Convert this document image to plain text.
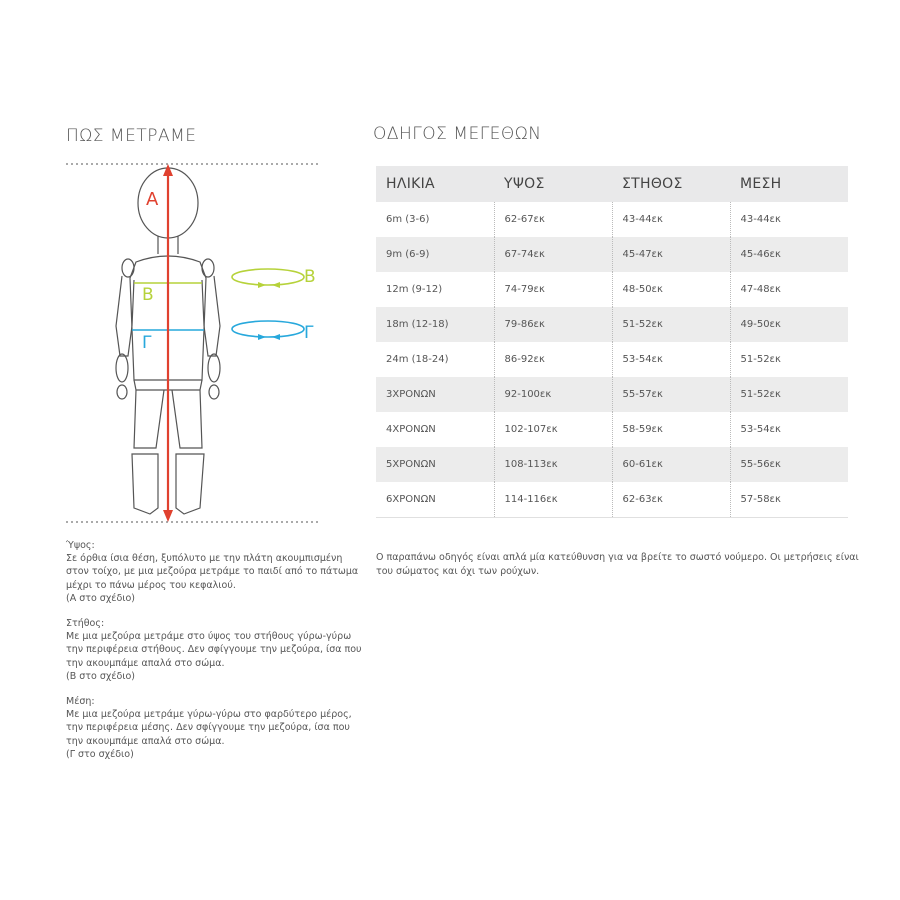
ΠΩΣ ΜΕΤΡΑΜΕ	ΟΔΗΓΟΣ ΜΕΓΕΘΩΝ
Α
Β
Β
Γ	Γ
Ύψος:
Σε όρθια ίσια θέση, ξυπόλυτο με την πλάτη ακουμπισμένη
στον τοίχο, με μια μεζούρα μετράμε το παιδί από το πάτωμα
μέχρι το πάνω μέρος του κεφαλιού.
(Α στο σχέδιο)
Στήθος:
Με μια μεζούρα μετράμε στο ύψος του στήθους γύρω-γύρω
την περιφέρεια στήθους. Δεν σφίγγουμε την μεζούρα, ίσα που
την ακουμπάμε απαλά στο σώμα.
(Β στο σχέδιο)
Μέση:
Με μια μεζούρα μετράμε γύρω-γύρω στο φαρδύτερο μέρος,
την περιφέρεια μέσης. Δεν σφίγγουμε την μεζούρα, ίσα που
την ακουμπάμε απαλά στο σώμα.
(Γ στο σχέδιο)
ΗΛΙΚΙΑ	ΥΨΟΣ	ΣΤΗΘΟΣ	ΜΕΣΗ
6m (3-6)	62-67εκ	43-44εκ	43-44εκ
9m (6-9)	67-74εκ	45-47εκ	45-46εκ
12m (9-12)	74-79εκ	48-50εκ	47-48εκ
18m (12-18)	79-86εκ	51-52εκ	49-50εκ
24m (18-24)	86-92εκ	53-54εκ	51-52εκ
3ΧΡΟΝΩΝ	92-100εκ	55-57εκ	51-52εκ
4ΧΡΟΝΩΝ	102-107εκ	58-59εκ	53-54εκ
5ΧΡΟΝΩΝ	108-113εκ	60-61εκ	55-56εκ
6ΧΡΟΝΩΝ	114-116εκ	62-63εκ	57-58εκ
Ο παραπάνω οδηγός είναι απλά μία κατεύθυνση για να βρείτε το σωστό νούμερο. Οι μετρήσεις είναι του σώματος και όχι των ρούχων.
